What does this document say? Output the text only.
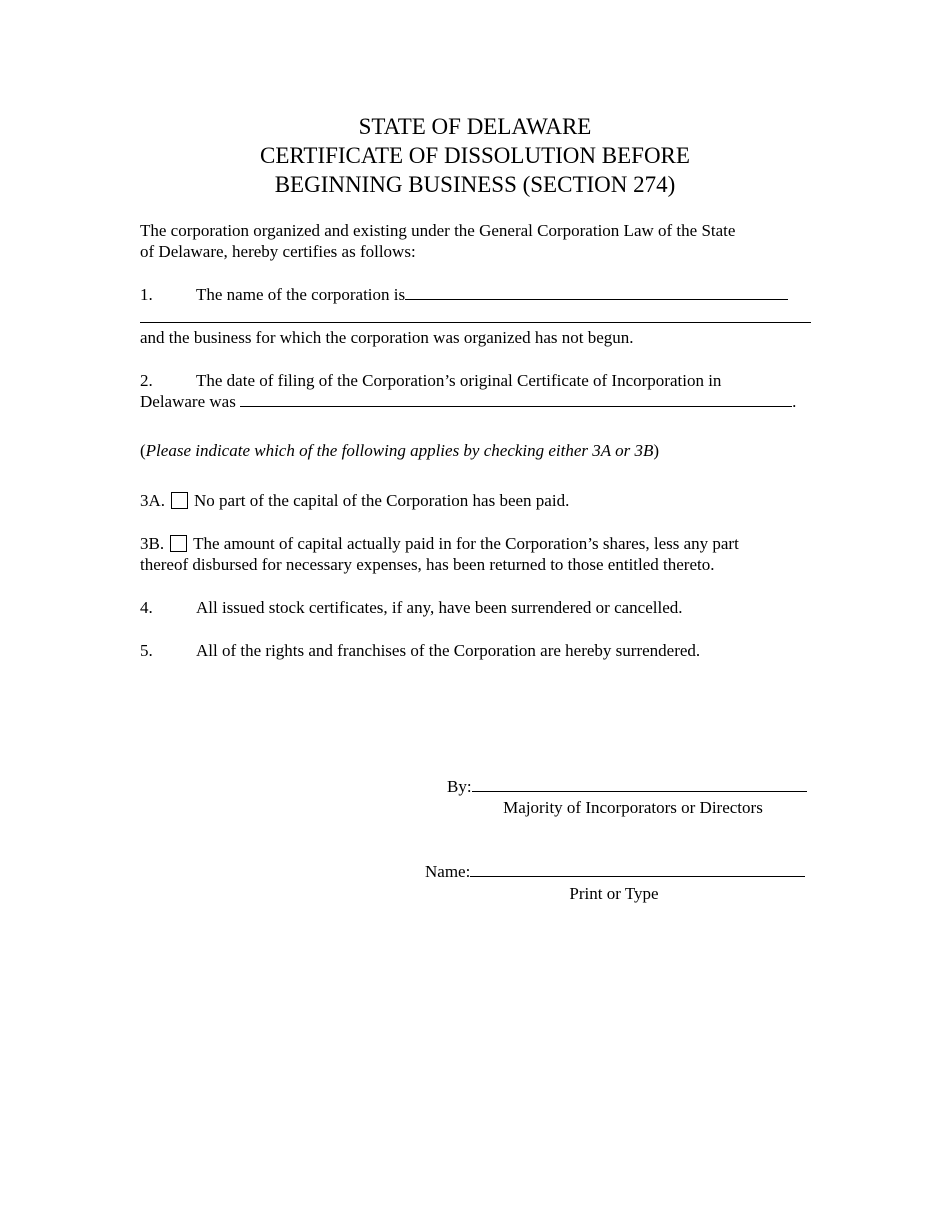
STATE OF DELAWARE
CERTIFICATE OF DISSOLUTION BEFORE
BEGINNING BUSINESS (SECTION 274)
The corporation organized and existing under the General Corporation Law of the State
of Delaware, hereby certifies as follows:
1.	The name of the corporation is
and the business for which the corporation was organized has not begun.
2.	The date of filing of the Corporation’s original Certificate of Incorporation in
Delaware was	.
(Please indicate which of the following applies by checking either 3A or 3B)
3A. No part of the capital of the Corporation has been paid.
3B. The amount of capital actually paid in for the Corporation’s shares, less any part
thereof disbursed for necessary expenses, has been returned to those entitled thereto.
4.	All issued stock certificates, if any, have been surrendered or cancelled.
5.	All of the rights and franchises of the Corporation are hereby surrendered.
By:
Majority of Incorporators or Directors
Name:
Print or Type
